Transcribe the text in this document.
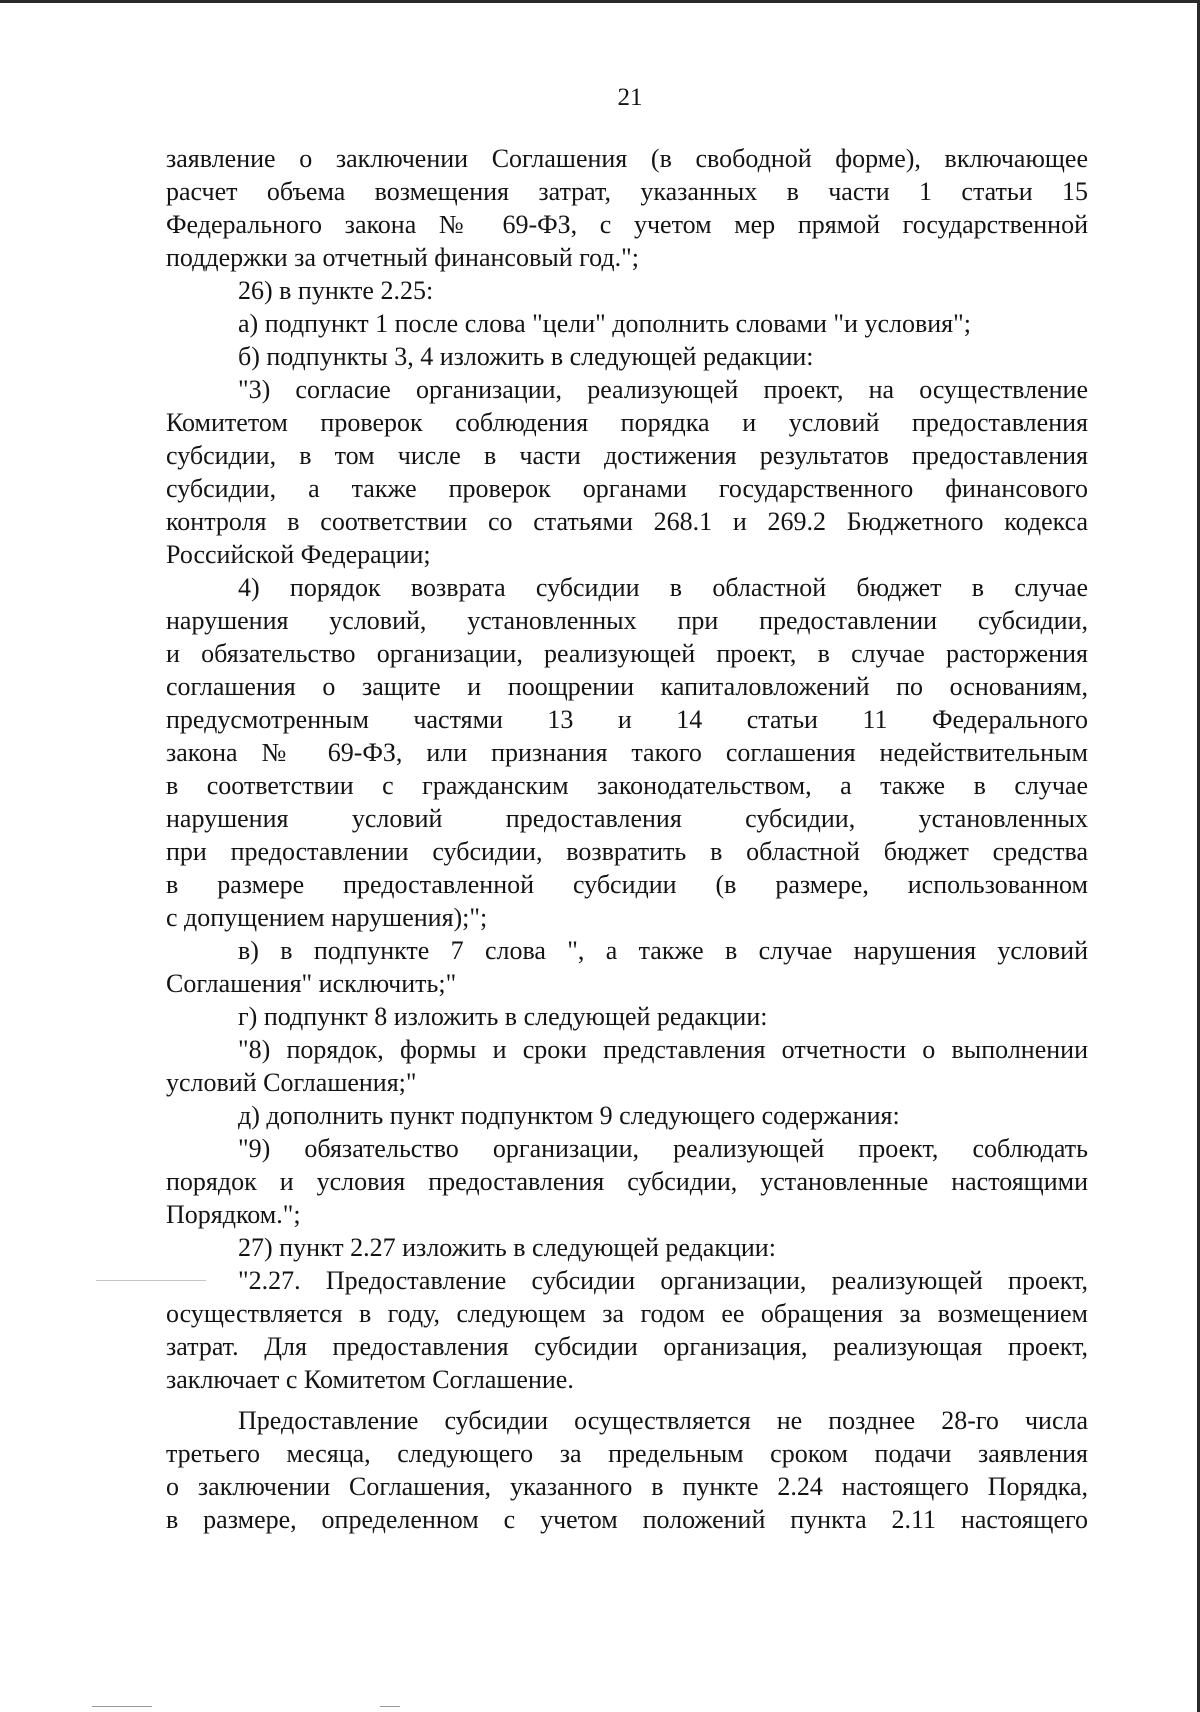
21
заявление о заключении Соглашения (в свободной форме), включающее
расчет объема возмещения затрат, указанных в части 1 статьи 15
Федерального закона № 69-ФЗ, с учетом мер прямой государственной
поддержки за отчетный финансовый год.";
26) в пункте 2.25:
а) подпункт 1 после слова "цели" дополнить словами "и условия";
б) подпункты 3, 4 изложить в следующей редакции:
"3) согласие организации, реализующей проект, на осуществление
Комитетом проверок соблюдения порядка и условий предоставления
субсидии, в том числе в части достижения результатов предоставления
субсидии, а также проверок органами государственного финансового
контроля в соответствии со статьями 268.1 и 269.2 Бюджетного кодекса
Российской Федерации;
4) порядок возврата субсидии в областной бюджет в случае
нарушения условий, установленных при предоставлении субсидии,
и обязательство организации, реализующей проект, в случае расторжения
соглашения о защите и поощрении капиталовложений по основаниям,
предусмотренным частями 13 и 14 статьи 11 Федерального
закона № 69-ФЗ, или признания такого соглашения недействительным
в соответствии с гражданским законодательством, а также в случае
нарушения условий предоставления субсидии, установленных
при предоставлении субсидии, возвратить в областной бюджет средства
в размере предоставленной субсидии (в размере, использованном
с допущением нарушения);";
в) в подпункте 7 слова ", а также в случае нарушения условий
Соглашения" исключить;"
г) подпункт 8 изложить в следующей редакции:
"8) порядок, формы и сроки представления отчетности о выполнении
условий Соглашения;"
д) дополнить пункт подпунктом 9 следующего содержания:
"9) обязательство организации, реализующей проект, соблюдать
порядок и условия предоставления субсидии, установленные настоящими
Порядком.";
27) пункт 2.27 изложить в следующей редакции:
"2.27. Предоставление субсидии организации, реализующей проект,
осуществляется в году, следующем за годом ее обращения за возмещением
затрат. Для предоставления субсидии организация, реализующая проект,
заключает с Комитетом Соглашение.
Предоставление субсидии осуществляется не позднее 28-го числа
третьего месяца, следующего за предельным сроком подачи заявления
о заключении Соглашения, указанного в пункте 2.24 настоящего Порядка,
в размере, определенном с учетом положений пункта 2.11 настоящего
